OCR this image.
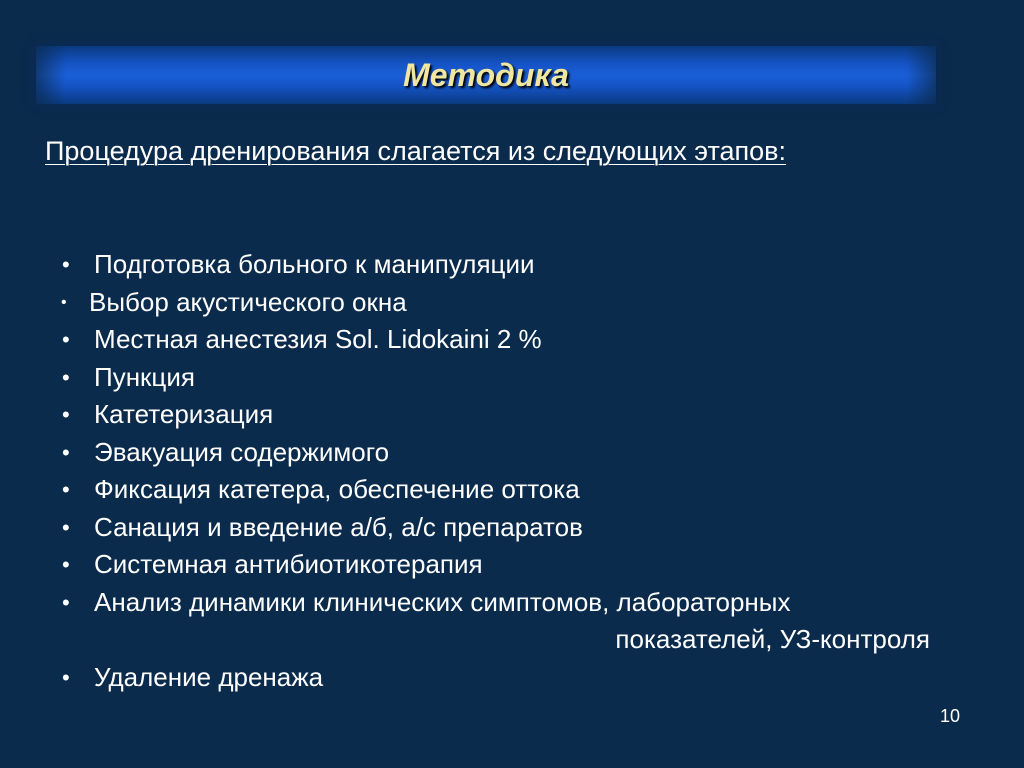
Методика

Процедура дренирования слагается из следующих этапов:

• Подготовка больного к манипуляции
• Выбор акустического окна
• Местная анестезия Sol. Lidokaini 2 %
• Пункция
• Катетеризация
• Эвакуация содержимого
• Фиксация катетера, обеспечение оттока
• Санация и введение а/б, а/с препаратов
• Системная антибиотикотерапия
• Анализ динамики клинических симптомов, лабораторных
показателей, УЗ-контроля
• Удаление дренажа
10
